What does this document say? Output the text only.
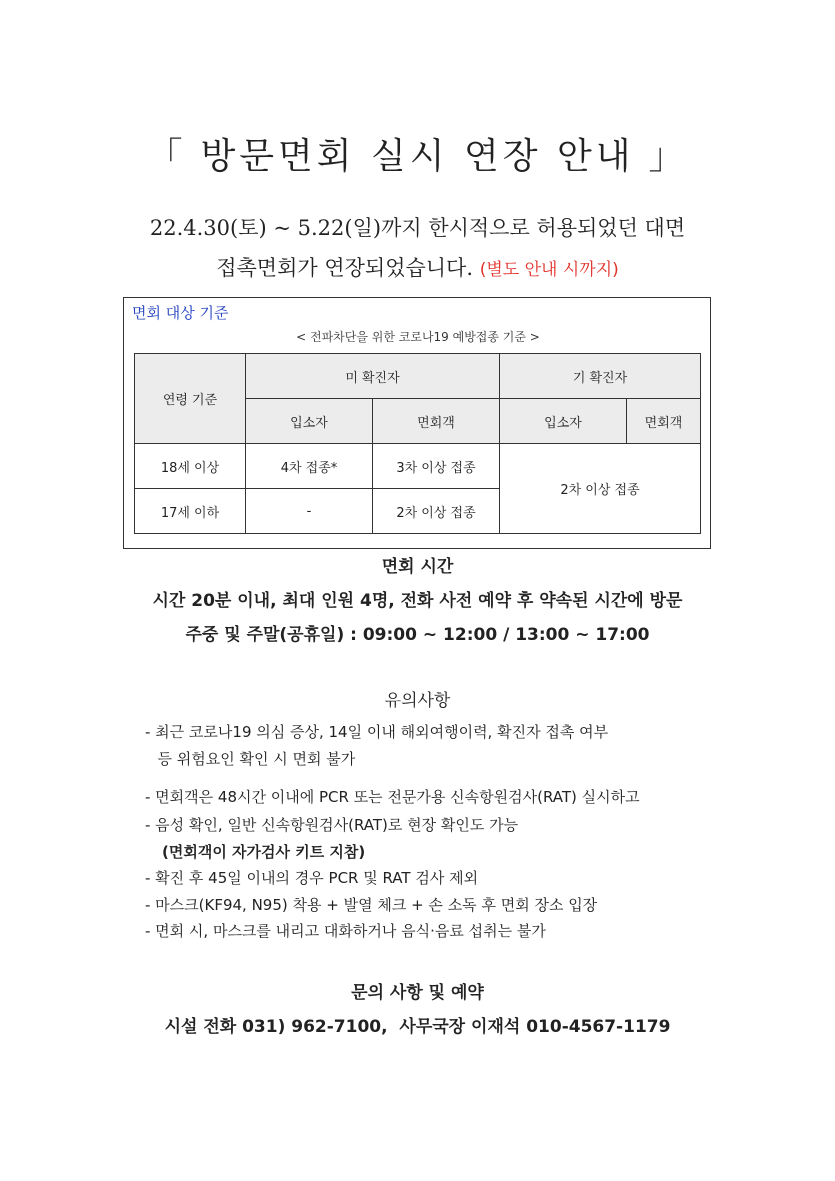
「 방문면회 실시 연장 안내 」
22.4.30(토) ~ 5.22(일)까지 한시적으로 허용되었던 대면
접촉면회가 연장되었습니다. (별도 안내 시까지)
면회 대상 기준
< 전파차단을 위한 코로나19 예방접종 기준 >
연령 기준	미 확진자		기 확진자	
	입소자	면회객	입소자	면회객
18세 이상	4차 접종*	3차 이상 접종	2차 이상 접종	
17세 이하	-	2차 이상 접종		
면회 시간
시간 20분 이내, 최대 인원 4명, 전화 사전 예약 후 약속된 시간에 방문
주중 및 주말(공휴일) : 09:00 ~ 12:00 / 13:00 ~ 17:00
유의사항
- 최근 코로나19 의심 증상, 14일 이내 해외여행이력, 확진자 접촉 여부
등 위험요인 확인 시 면회 불가
- 면회객은 48시간 이내에 PCR 또는 전문가용 신속항원검사(RAT) 실시하고
- 음성 확인, 일반 신속항원검사(RAT)로 현장 확인도 가능
(면회객이 자가검사 키트 지참)
- 확진 후 45일 이내의 경우 PCR 및 RAT 검사 제외
- 마스크(KF94, N95) 착용 + 발열 체크 + 손 소독 후 면회 장소 입장
- 면회 시, 마스크를 내리고 대화하거나 음식·음료 섭취는 불가
문의 사항 및 예약
시설 전화 031) 962-7100,  사무국장 이재석 010-4567-1179
